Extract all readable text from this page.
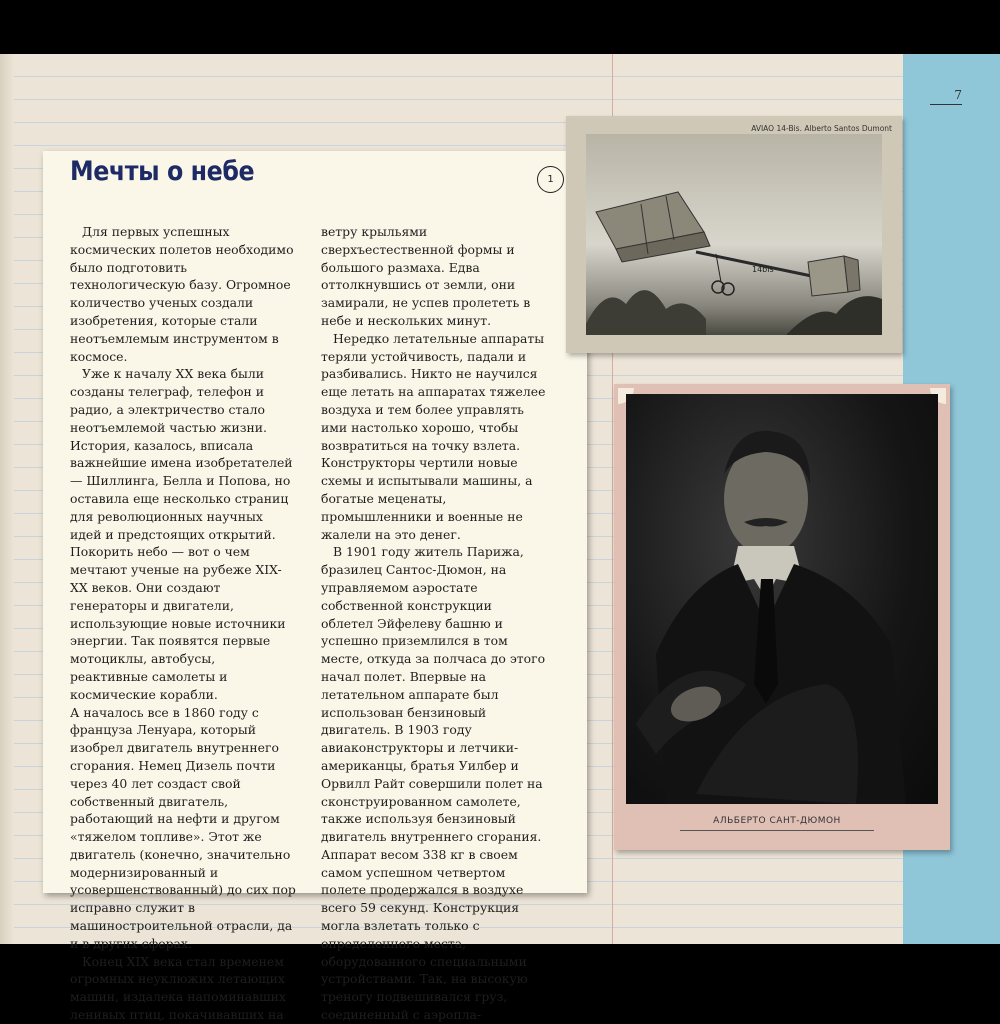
7
Мечты о небе	1

Для первых успешных космических полетов необходимо было подготовить технологическую базу. Огромное количество ученых создали изобретения, которые стали неотъемлемым инструментом в космосе.

Уже к началу XX века были созданы телеграф, телефон и радио, а электричество стало неотъемлемой частью жизни. История, казалось, вписала важнейшие имена изобретателей — Шиллинга, Белла и Попова, но оставила еще несколько страниц для революционных научных идей и предстоящих открытий. Покорить небо — вот о чем мечтают ученые на рубеже XIX-XX веков. Они создают генераторы и двигатели, использующие новые источники энергии. Так появятся первые мотоциклы, автобусы, реактивные самолеты и космические корабли.

А началось все в 1860 году с француза Ленуара, который изобрел двигатель внутреннего сгорания. Немец Дизель почти через 40 лет создаст свой собственный двигатель, работающий на нефти и другом «тяжелом топливе». Этот же двигатель (конечно, значительно модернизированный и усовершенствованный) до сих пор исправно служит в машиностроительной отрасли, да и в других сферах.

Конец XIX века стал временем огромных неуклюжих летающих машин, издалека напоминавших ленивых птиц, покачивавших на

ветру крыльями сверхъестественной формы и большого размаха. Едва оттолкнувшись от земли, они замирали, не успев пролететь в небе и нескольких минут.

Нередко летательные аппараты теряли устойчивость, падали и разбивались. Никто не научился еще летать на аппаратах тяжелее воздуха и тем более управлять ими настолько хорошо, чтобы возвратиться на точку взлета. Конструкторы чертили новые схемы и испытывали машины, а богатые меценаты, промышленники и военные не жалели на это денег.

В 1901 году житель Парижа, бразилец Сантос-Дюмон, на управляемом аэростате собственной конструкции облетел Эйфелеву башню и успешно приземлился в том месте, откуда за полчаса до этого начал полет. Впервые на летательном аппарате был использован бензиновый двигатель. В 1903 году авиаконструкторы и летчики-американцы, братья Уилбер и Орвилл Райт совершили полет на сконструированном самолете, также используя бензиновый двигатель внутреннего сгорания. Аппарат весом 338 кг в своем самом успешном четвертом полете продержался в воздухе всего 59 секунд. Конструкция могла взлетать только с определенного места, оборудованного специальными устройствами. Так, на высокую треногу подвешивался груз, соединенный с аэропла-

14bis
AVIAO 14-Bis. Alberto Santos Dumont
АЛЬБЕРТО САНТ-ДЮМОН
